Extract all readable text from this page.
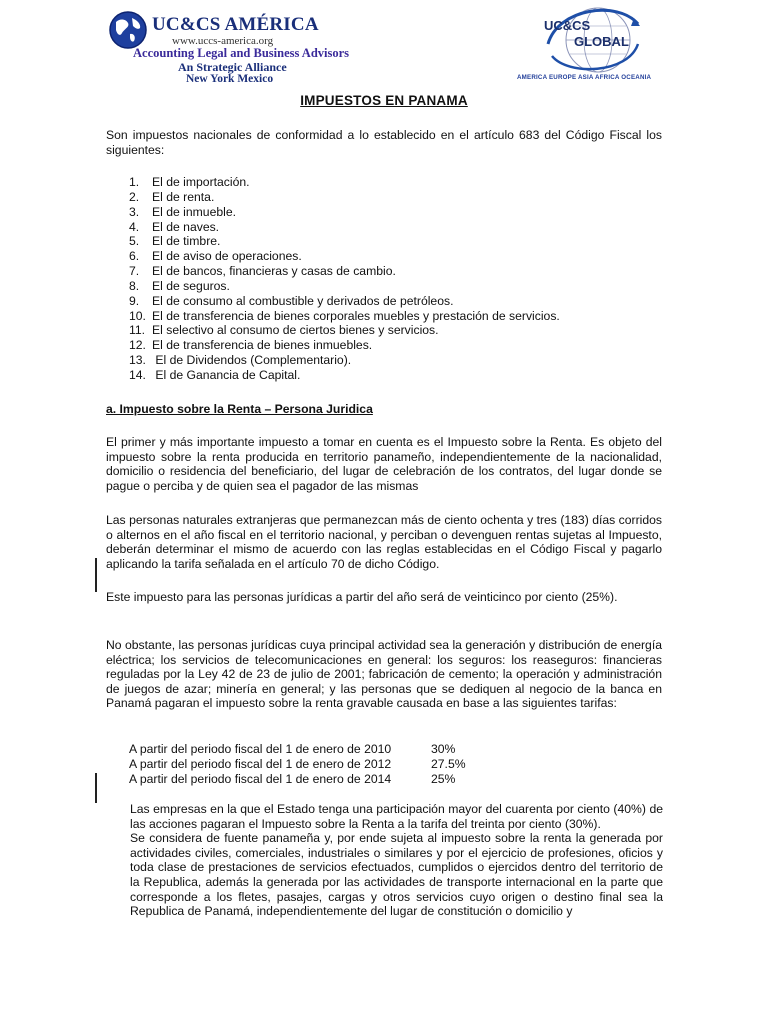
UC&CS AMÉRICA
www.uccs-america.org
Accounting Legal and Business Advisors
An Strategic Alliance
New York Mexico
UC&CS
GLOBAL
AMERICA EUROPE ASIA AFRICA OCEANIA
IMPUESTOS EN PANAMA

Son impuestos nacionales de conformidad a lo establecido en el artículo 683 del Código Fiscal los siguientes:

1. El de importación.
2. El de renta.
3. El de inmueble.
4. El de naves.
5. El de timbre.
6. El de aviso de operaciones.
7. El de bancos, financieras y casas de cambio.
8. El de seguros.
9. El de consumo al combustible y derivados de petróleos.
10. El de transferencia de bienes corporales muebles y prestación de servicios.
11. El selectivo al consumo de ciertos bienes y servicios.
12. El de transferencia de bienes inmuebles.
13. El de Dividendos (Complementario).
14. El de Ganancia de Capital.
a. Impuesto sobre la Renta – Persona Juridica

El primer y más importante impuesto a tomar en cuenta es el Impuesto sobre la Renta. Es objeto del impuesto sobre la renta producida en territorio panameño, independientemente de la nacionalidad, domicilio o residencia del beneficiario, del lugar de celebración de los contratos, del lugar donde se pague o perciba y de quien sea el pagador de las mismas

Las personas naturales extranjeras que permanezcan más de ciento ochenta y tres (183) días corridos o alternos en el año fiscal en el territorio nacional, y perciban o devenguen rentas sujetas al Impuesto, deberán determinar el mismo de acuerdo con las reglas establecidas en el Código Fiscal y pagarlo aplicando la tarifa señalada en el artículo 70 de dicho Código.

Este impuesto para las personas jurídicas a partir del año será de veinticinco por ciento (25%).

No obstante, las personas jurídicas cuya principal actividad sea la generación y distribución de energía eléctrica; los servicios de telecomunicaciones en general: los seguros: los reaseguros: financieras reguladas por la Ley 42 de 23 de julio de 2001; fabricación de cemento; la operación y administración de juegos de azar; minería en general; y las personas que se dediquen al negocio de la banca en Panamá pagaran el impuesto sobre la renta gravable causada en base a las siguientes tarifas:

A partir del periodo fiscal del 1 de enero de 2010	30%
A partir del periodo fiscal del 1 de enero de 2012	27.5%
A partir del periodo fiscal del 1 de enero de 2014	25%

Las empresas en la que el Estado tenga una participación mayor del cuarenta por ciento (40%) de las acciones pagaran el Impuesto sobre la Renta a la tarifa del treinta por ciento (30%).

Se considera de fuente panameña y, por ende sujeta al impuesto sobre la renta la generada por actividades civiles, comerciales, industriales o similares y por el ejercicio de profesiones, oficios y toda clase de prestaciones de servicios efectuados, cumplidos o ejercidos dentro del territorio de la Republica, además la generada por las actividades de transporte internacional en la parte que corresponde a los fletes, pasajes, cargas y otros servicios cuyo origen o destino final sea la Republica de Panamá, independientemente del lugar de constitución o domicilio y
